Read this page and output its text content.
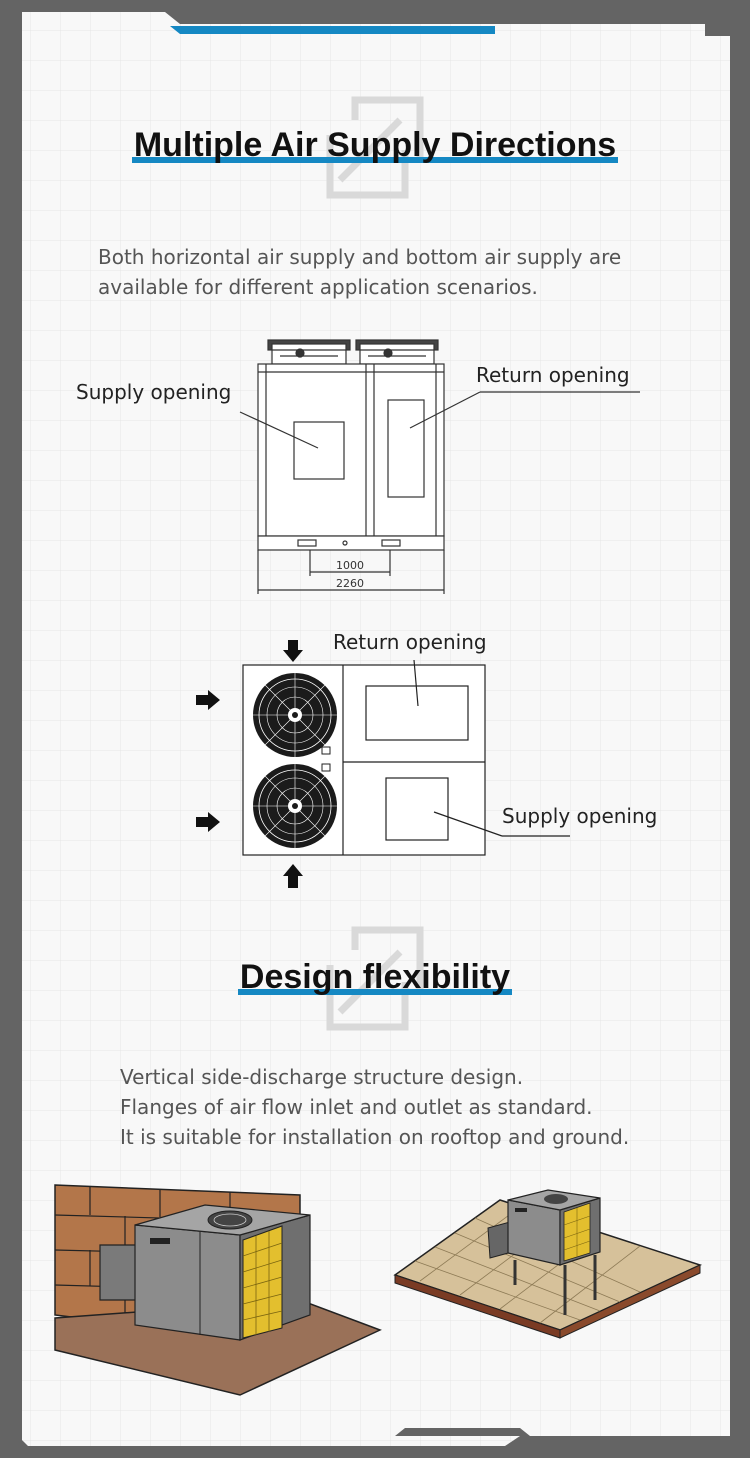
Multiple Air Supply Directions
Both horizontal air supply and bottom air supply are
available for different application scenarios.
1000
2260
Supply opening
Return opening
Return opening
Supply opening
Design flexibility
Vertical side-discharge structure design.
Flanges of air flow inlet and outlet as standard.
It is suitable for installation on rooftop and ground.
